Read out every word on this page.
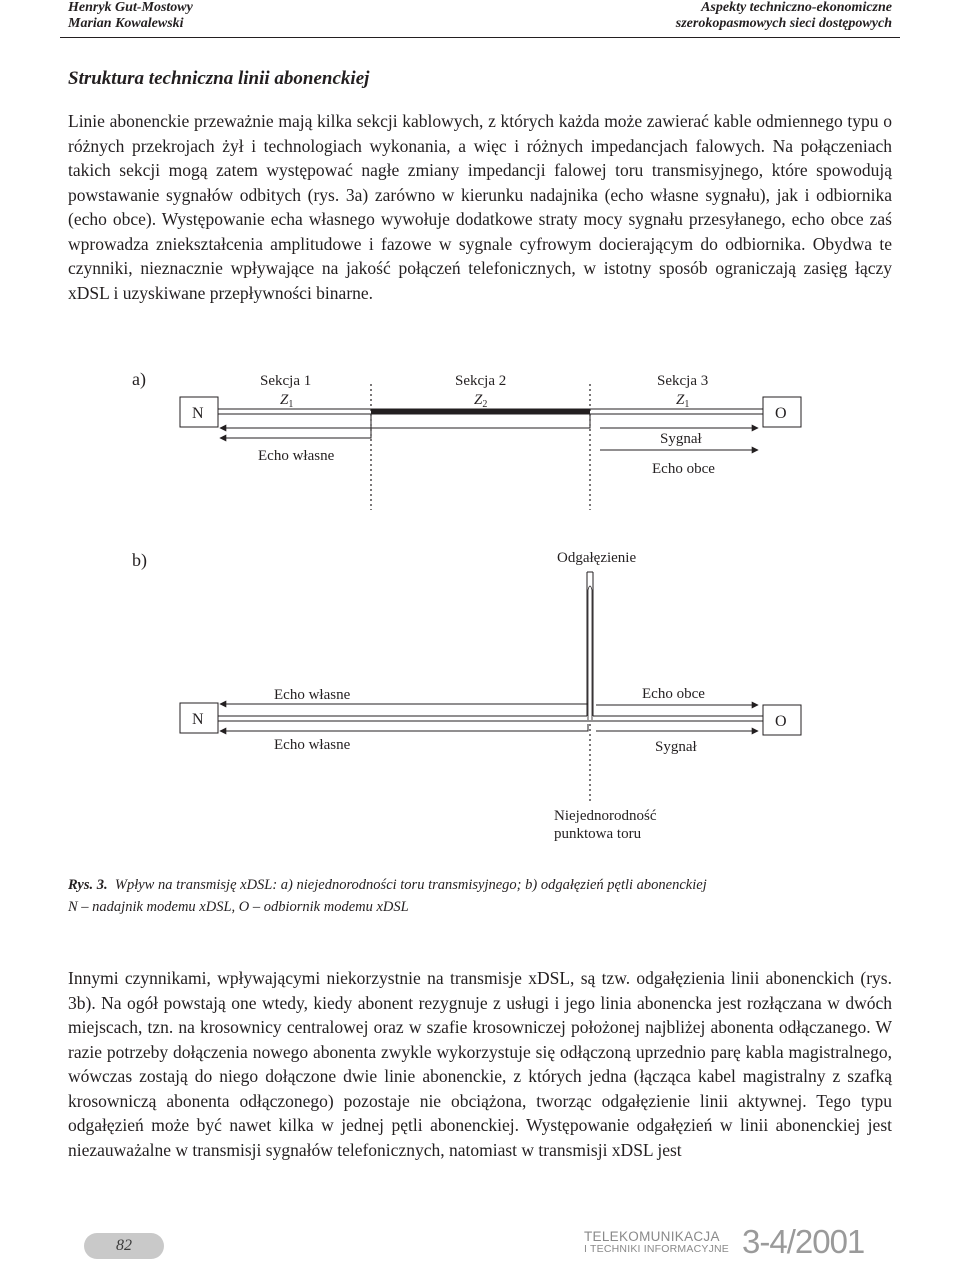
Henryk Gut-Mostowy
Marian Kowalewski
Aspekty techniczno-ekonomiczne
szerokopasmowych sieci dostępowych
Struktura techniczna linii abonenckiej

Linie abonenckie przeważnie mają kilka sekcji kablowych, z których każda może zawierać kable odmiennego typu o różnych przekrojach żył i technologiach wykonania, a więc i różnych impedancjach falowych. Na połączeniach takich sekcji mogą zatem występować nagłe zmiany impedancji falowej toru transmisyjnego, które spowodują powstawanie sygnałów odbitych (rys. 3a) zarówno w kierunku nadajnika (echo własne sygnału), jak i odbiornika (echo obce). Występowanie echa własnego wywołuje dodatkowe straty mocy sygnału przesyłanego, echo obce zaś wprowadza zniekształcenia amplitudowe i fazowe w sygnale cyfrowym docierającym do odbiornika. Obydwa te czynniki, nieznacznie wpływające na jakość połączeń telefonicznych, w istotny sposób ograniczają zasięg łączy xDSL i uzyskiwane przepływności binarne.

a)
N	O
Sekcja 1
$Z_1$
Sekcja 2
$Z_2$
Sekcja 3
$Z_1$
Echo własne
Sygnał
Echo obce
b)	Odgałęzienie
N	O
Echo własne
Echo własne
Echo obce
Sygnał
Niejednorodność
punktowa toru
Rys. 3. Wpływ na transmisję xDSL: a) niejednorodności toru transmisyjnego; b) odgałęzień pętli abonenckiej
N – nadajnik modemu xDSL, O – odbiornik modemu xDSL

Innymi czynnikami, wpływającymi niekorzystnie na transmisje xDSL, są tzw. odgałęzienia linii abonenckich (rys. 3b). Na ogół powstają one wtedy, kiedy abonent rezygnuje z usługi i jego linia abonencka jest rozłączana w dwóch miejscach, tzn. na krosownicy centralowej oraz w szafie krosowniczej położonej najbliżej abonenta odłączanego. W razie potrzeby dołączenia nowego abonenta zwykle wykorzystuje się odłączoną uprzednio parę kabla magistralnego, wówczas zostają do niego dołączone dwie linie abonenckie, z których jedna (łącząca kabel magistralny z szafką krosowniczą abonenta odłączonego) pozostaje nie obciążona, tworząc odgałęzienie linii aktywnej. Tego typu odgałęzień może być nawet kilka w jednej pętli abonenckiej. Występowanie odgałęzień w linii abonenckiej jest niezauważalne w transmisji sygnałów telefonicznych, natomiast w transmisji xDSL jest

82
TELEKOMUNIKACJA
I TECHNIKI INFORMACYJNE 3-4/2001
